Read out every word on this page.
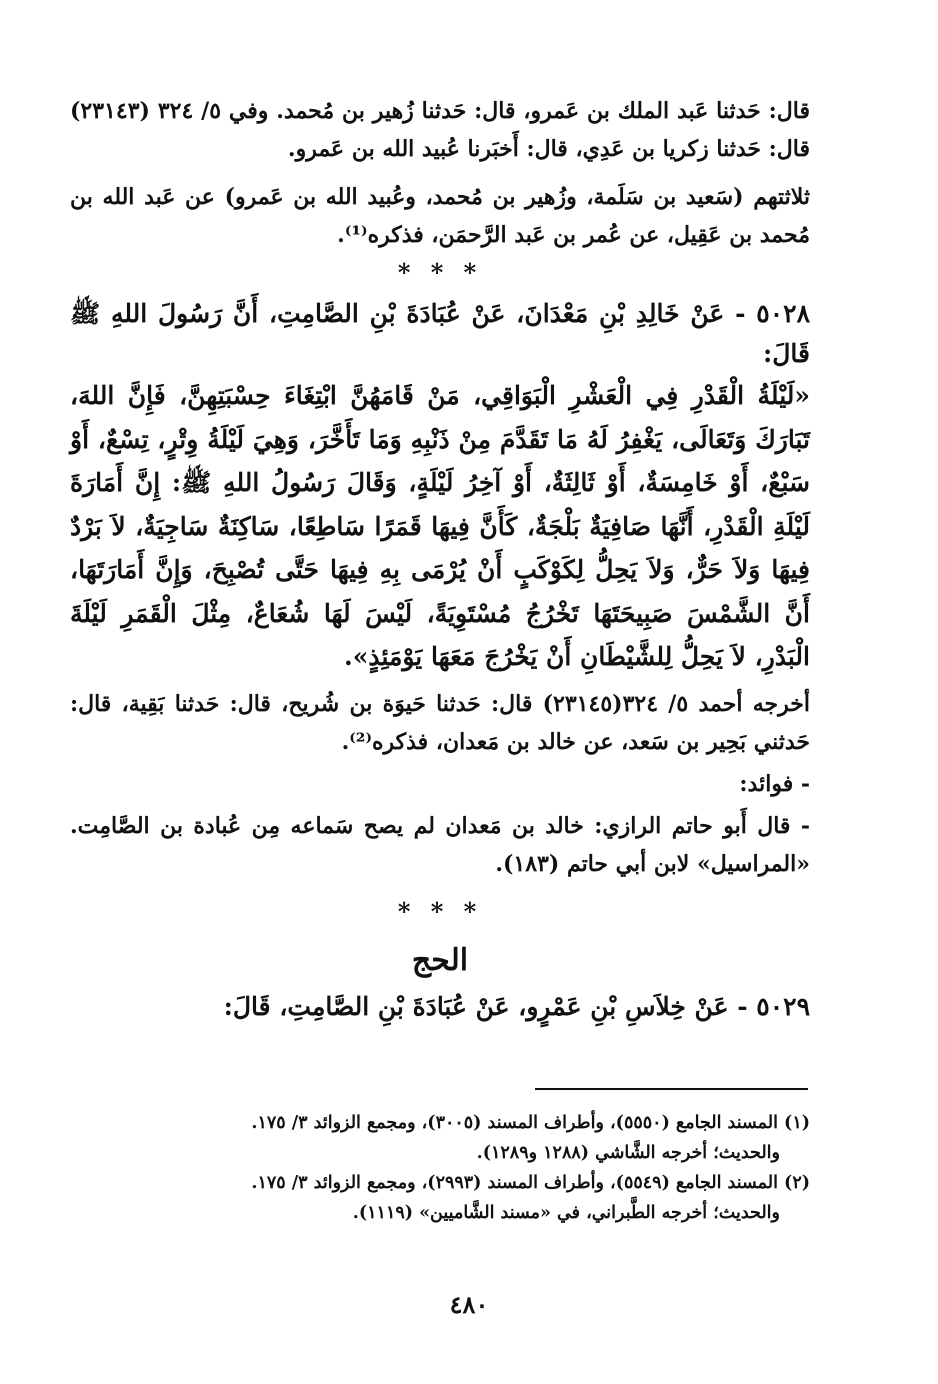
قال: حَدثنا عَبد الملك بن عَمرو، قال: حَدثنا زُهير بن مُحمد. وفي ٥/ ٣٢٤ (٢٣١٤٣) قال: حَدثنا زكريا بن عَدِي، قال: أَخبَرنا عُبيد الله بن عَمرو.

ثلاثتهم (سَعيد بن سَلَمة، وزُهير بن مُحمد، وعُبيد الله بن عَمرو) عن عَبد الله بن مُحمد بن عَقِيل، عن عُمر بن عَبد الرَّحمَن، فذكره⁽¹⁾.

* * *

٥٠٢٨ - عَنْ خَالِدِ بْنِ مَعْدَانَ، عَنْ عُبَادَةَ بْنِ الصَّامِتِ، أَنَّ رَسُولَ اللهِ ﷺ قَالَ:

«لَيْلَةُ الْقَدْرِ فِي الْعَشْرِ الْبَوَاقِي، مَنْ قَامَهُنَّ ابْتِغَاءَ حِسْبَتِهِنَّ، فَإِنَّ اللهَ، تَبَارَكَ وَتَعَالَى، يَغْفِرُ لَهُ مَا تَقَدَّمَ مِنْ ذَنْبِهِ وَمَا تَأَخَّرَ، وَهِيَ لَيْلَةُ وِتْرٍ، تِسْعٌ، أَوْ سَبْعٌ، أَوْ خَامِسَةٌ، أَوْ ثَالِثَةٌ، أَوْ آخِرُ لَيْلَةٍ، وَقَالَ رَسُولُ اللهِ ﷺ: إِنَّ أَمَارَةَ لَيْلَةِ الْقَدْرِ، أَنَّهَا صَافِيَةٌ بَلْجَةٌ، كَأَنَّ فِيهَا قَمَرًا سَاطِعًا، سَاكِنَةٌ سَاجِيَةٌ، لاَ بَرْدٌ فِيهَا وَلاَ حَرٌّ، وَلاَ يَحِلُّ لِكَوْكَبٍ أَنْ يُرْمَى بِهِ فِيهَا حَتَّى تُصْبِحَ، وَإِنَّ أَمَارَتَهَا، أَنَّ الشَّمْسَ صَبِيحَتَهَا تَخْرُجُ مُسْتَوِيَةً، لَيْسَ لَهَا شُعَاعٌ، مِثْلَ الْقَمَرِ لَيْلَةَ الْبَدْرِ، لاَ يَحِلُّ لِلشَّيْطَانِ أَنْ يَخْرُجَ مَعَهَا يَوْمَئِذٍ».

أخرجه أحمد ٥/ ٣٢٤(٢٣١٤٥) قال: حَدثنا حَيوَة بن شُريح، قال: حَدثنا بَقِية، قال: حَدثني بَحِير بن سَعد، عن خالد بن مَعدان، فذكره⁽²⁾.

- فوائد:

- قال أَبو حاتم الرازي: خالد بن مَعدان لم يصح سَماعه مِن عُبادة بن الصَّامِت. «المراسيل» لابن أبي حاتم (١٨٣).

* * *
الحج

٥٠٢٩ - عَنْ خِلاَسِ بْنِ عَمْرٍو، عَنْ عُبَادَةَ بْنِ الصَّامِتِ، قَالَ:

(١) المسند الجامع (٥٥٥٠)، وأطراف المسند (٣٠٠٥)، ومجمع الزوائد ٣/ ١٧٥.

والحديث؛ أخرجه الشَّاشي (١٢٨٨ و١٢٨٩).

(٢) المسند الجامع (٥٥٤٩)، وأطراف المسند (٢٩٩٣)، ومجمع الزوائد ٣/ ١٧٥.

والحديث؛ أخرجه الطَّبراني، في «مسند الشَّاميين» (١١١٩).

٤٨٠
